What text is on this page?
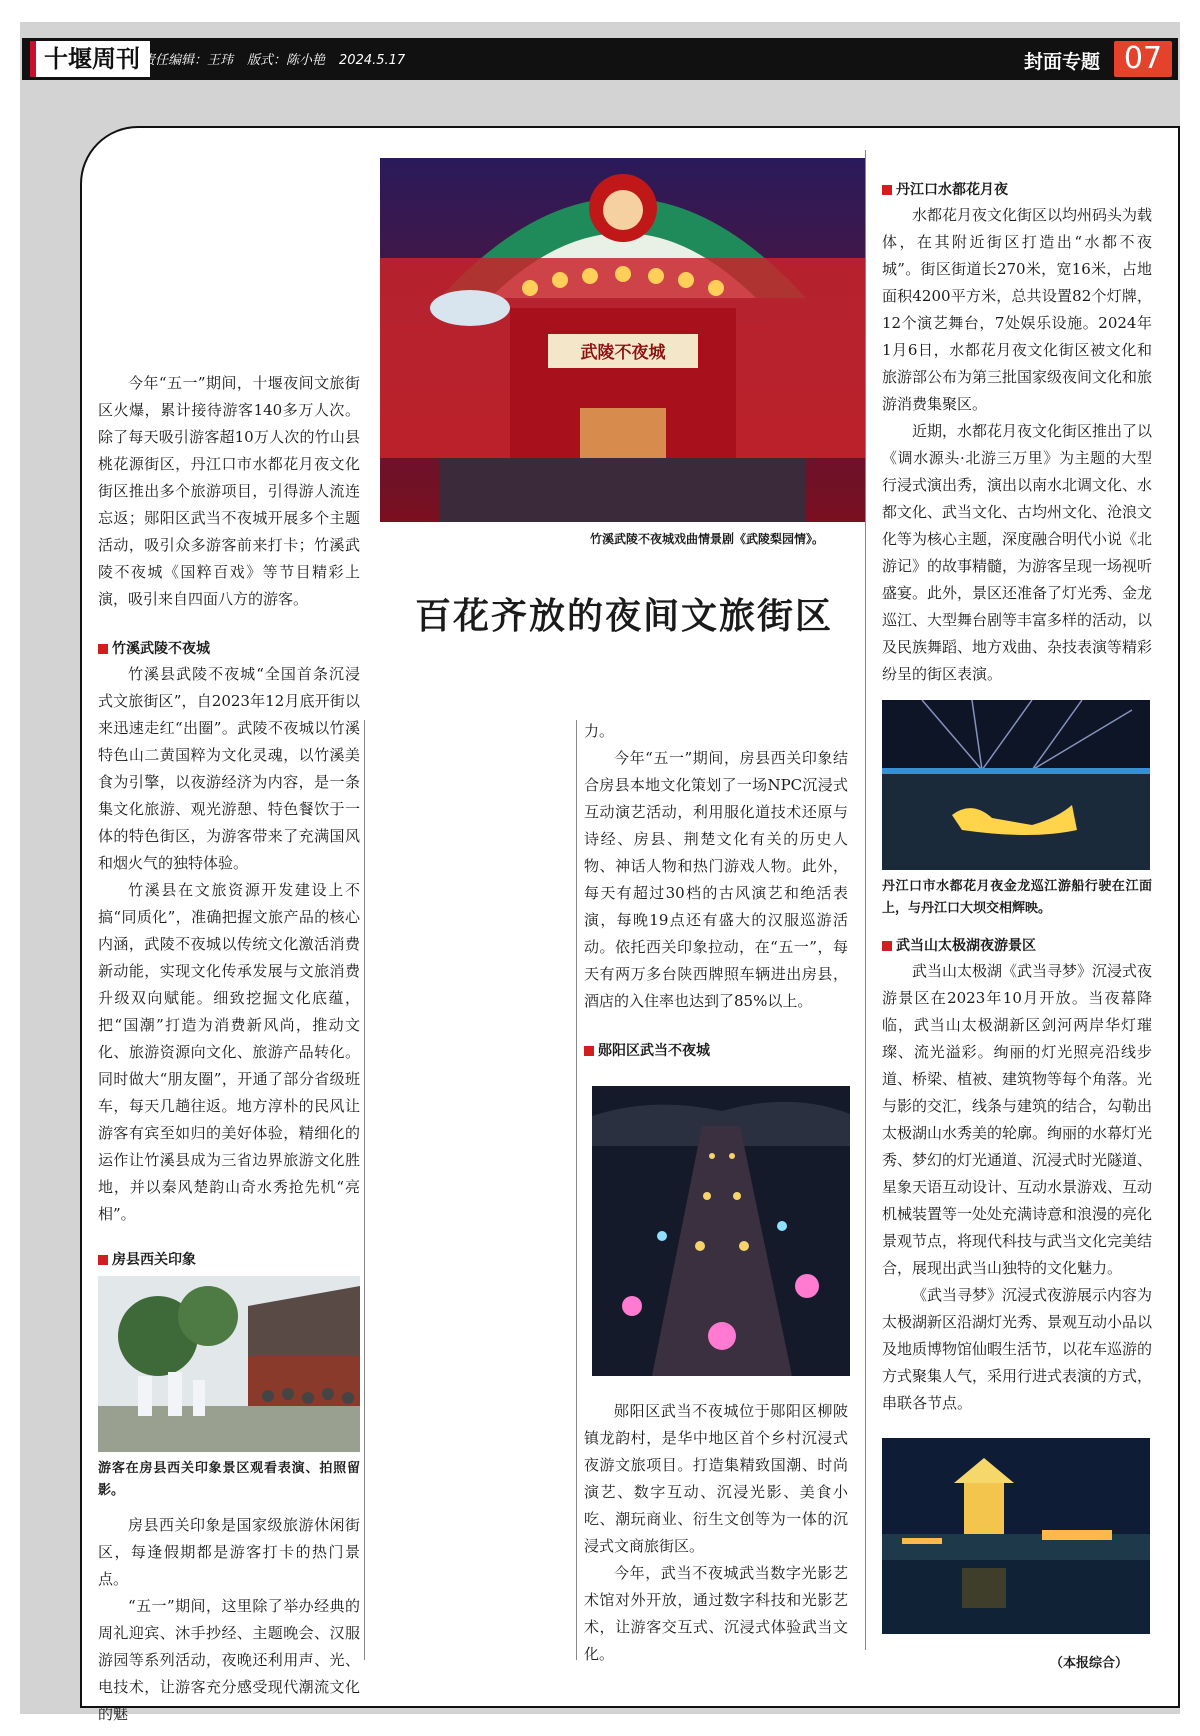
十堰周刊 责任编辑：王玮 版式：陈小艳 2024.5.17	封面专题 07
武陵不夜城
竹溪武陵不夜城戏曲情景剧《武陵梨园情》。
百花齐放的夜间文旅街区

今年“五一”期间，十堰夜间文旅街区火爆，累计接待游客140多万人次。除了每天吸引游客超10万人次的竹山县桃花源街区，丹江口市水都花月夜文化街区推出多个旅游项目，引得游人流连忘返；郧阳区武当不夜城开展多个主题活动，吸引众多游客前来打卡；竹溪武陵不夜城《国粹百戏》等节目精彩上演，吸引来自四面八方的游客。

竹溪武陵不夜城

竹溪县武陵不夜城“全国首条沉浸式文旅街区”，自2023年12月底开街以来迅速走红“出圈”。武陵不夜城以竹溪特色山二黄国粹为文化灵魂，以竹溪美食为引擎，以夜游经济为内容，是一条集文化旅游、观光游憩、特色餐饮于一体的特色街区，为游客带来了充满国风和烟火气的独特体验。

竹溪县在文旅资源开发建设上不搞“同质化”，准确把握文旅产品的核心内涵，武陵不夜城以传统文化激活消费新动能，实现文化传承发展与文旅消费升级双向赋能。细致挖掘文化底蕴，把“国潮”打造为消费新风尚，推动文化、旅游资源向文化、旅游产品转化。同时做大“朋友圈”，开通了部分省级班车，每天几趟往返。地方淳朴的民风让游客有宾至如归的美好体验，精细化的运作让竹溪县成为三省边界旅游文化胜地，并以秦风楚韵山奇水秀抢先机“亮相”。

房县西关印象
游客在房县西关印象景区观看表演、拍照留影。

房县西关印象是国家级旅游休闲街区，每逢假期都是游客打卡的热门景点。

“五一”期间，这里除了举办经典的周礼迎宾、沐手抄经、主题晚会、汉服游园等系列活动，夜晚还利用声、光、电技术，让游客充分感受现代潮流文化的魅

力。

今年“五一”期间，房县西关印象结合房县本地文化策划了一场NPC沉浸式互动演艺活动，利用服化道技术还原与诗经、房县、荆楚文化有关的历史人物、神话人物和热门游戏人物。此外，每天有超过30档的古风演艺和绝活表演，每晚19点还有盛大的汉服巡游活动。依托西关印象拉动，在“五一”，每天有两万多台陕西牌照车辆进出房县，酒店的入住率也达到了85%以上。

郧阳区武当不夜城

郧阳区武当不夜城位于郧阳区柳陂镇龙韵村，是华中地区首个乡村沉浸式夜游文旅项目。打造集精致国潮、时尚演艺、数字互动、沉浸光影、美食小吃、潮玩商业、衍生文创等为一体的沉浸式文商旅街区。

今年，武当不夜城武当数字光影艺术馆对外开放，通过数字科技和光影艺术，让游客交互式、沉浸式体验武当文化。

丹江口水都花月夜

水都花月夜文化街区以均州码头为载体，在其附近街区打造出“水都不夜城”。街区街道长270米，宽16米，占地面积4200平方米，总共设置82个灯牌，12个演艺舞台，7处娱乐设施。2024年1月6日，水都花月夜文化街区被文化和旅游部公布为第三批国家级夜间文化和旅游消费集聚区。

近期，水都花月夜文化街区推出了以《调水源头·北游三万里》为主题的大型行浸式演出秀，演出以南水北调文化、水都文化、武当文化、古均州文化、沧浪文化等为核心主题，深度融合明代小说《北游记》的故事精髓，为游客呈现一场视听盛宴。此外，景区还准备了灯光秀、金龙巡江、大型舞台剧等丰富多样的活动，以及民族舞蹈、地方戏曲、杂技表演等精彩纷呈的街区表演。

丹江口市水都花月夜金龙巡江游船行驶在江面上，与丹江口大坝交相辉映。
武当山太极湖夜游景区

武当山太极湖《武当寻梦》沉浸式夜游景区在2023年10月开放。当夜幕降临，武当山太极湖新区剑河两岸华灯璀璨、流光溢彩。绚丽的灯光照亮沿线步道、桥梁、植被、建筑物等每个角落。光与影的交汇，线条与建筑的结合，勾勒出太极湖山水秀美的轮廓。绚丽的水幕灯光秀、梦幻的灯光通道、沉浸式时光隧道、星象天语互动设计、互动水景游戏、互动机械装置等一处处充满诗意和浪漫的亮化景观节点，将现代科技与武当文化完美结合，展现出武当山独特的文化魅力。

《武当寻梦》沉浸式夜游展示内容为太极湖新区沿湖灯光秀、景观互动小品以及地质博物馆仙暇生活节，以花车巡游的方式聚集人气，采用行进式表演的方式，串联各节点。

（本报综合）
